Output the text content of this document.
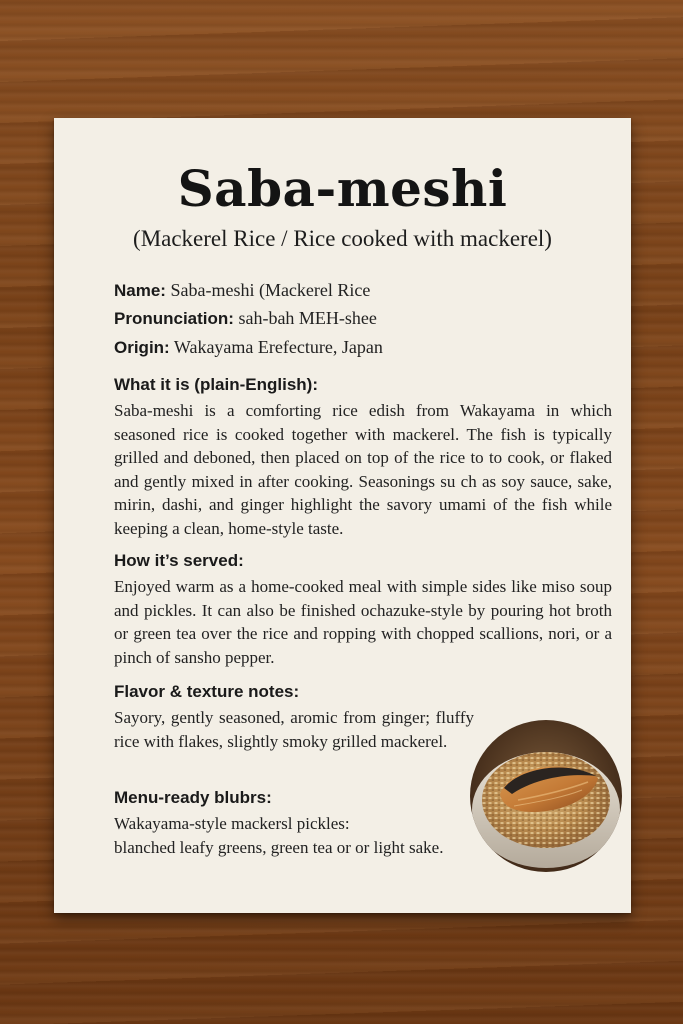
Saba-meshi
(Mackerel Rice / Rice cooked with mackerel)
Name: Saba-meshi (Mackerel Rice
Pronunciation: sah-bah MEH-shee
Origin: Wakayama Erefecture, Japan
What it is (plain-English):
Saba-meshi is a comforting rice edish from Wakayama in which seasoned rice is cooked together with mackerel. The fish is typically grilled and deboned, then placed on top of the rice to to cook, or flaked and gently mixed in after cooking. Seasonings su ch as soy sauce, sake, mirin, dashi, and ginger highlight the savory umami of the fish while keeping a clean, home-style taste.
How it’s served:
Enjoyed warm as a home-cooked meal with simple sides like miso soup and pickles. It can also be finished ochazuke-style by pouring hot broth or green tea over the rice and ropping with chopped scallions, nori, or a pinch of sansho pepper.
Flavor & texture notes:
Sayory, gently seasoned, aromic from ginger; fluffy rice with flakes, slightly smoky grilled mackerel.
Menu-ready blubrs:
Wakayama-style mackersl pickles:
blanched leafy greens, green tea or or light sake.
